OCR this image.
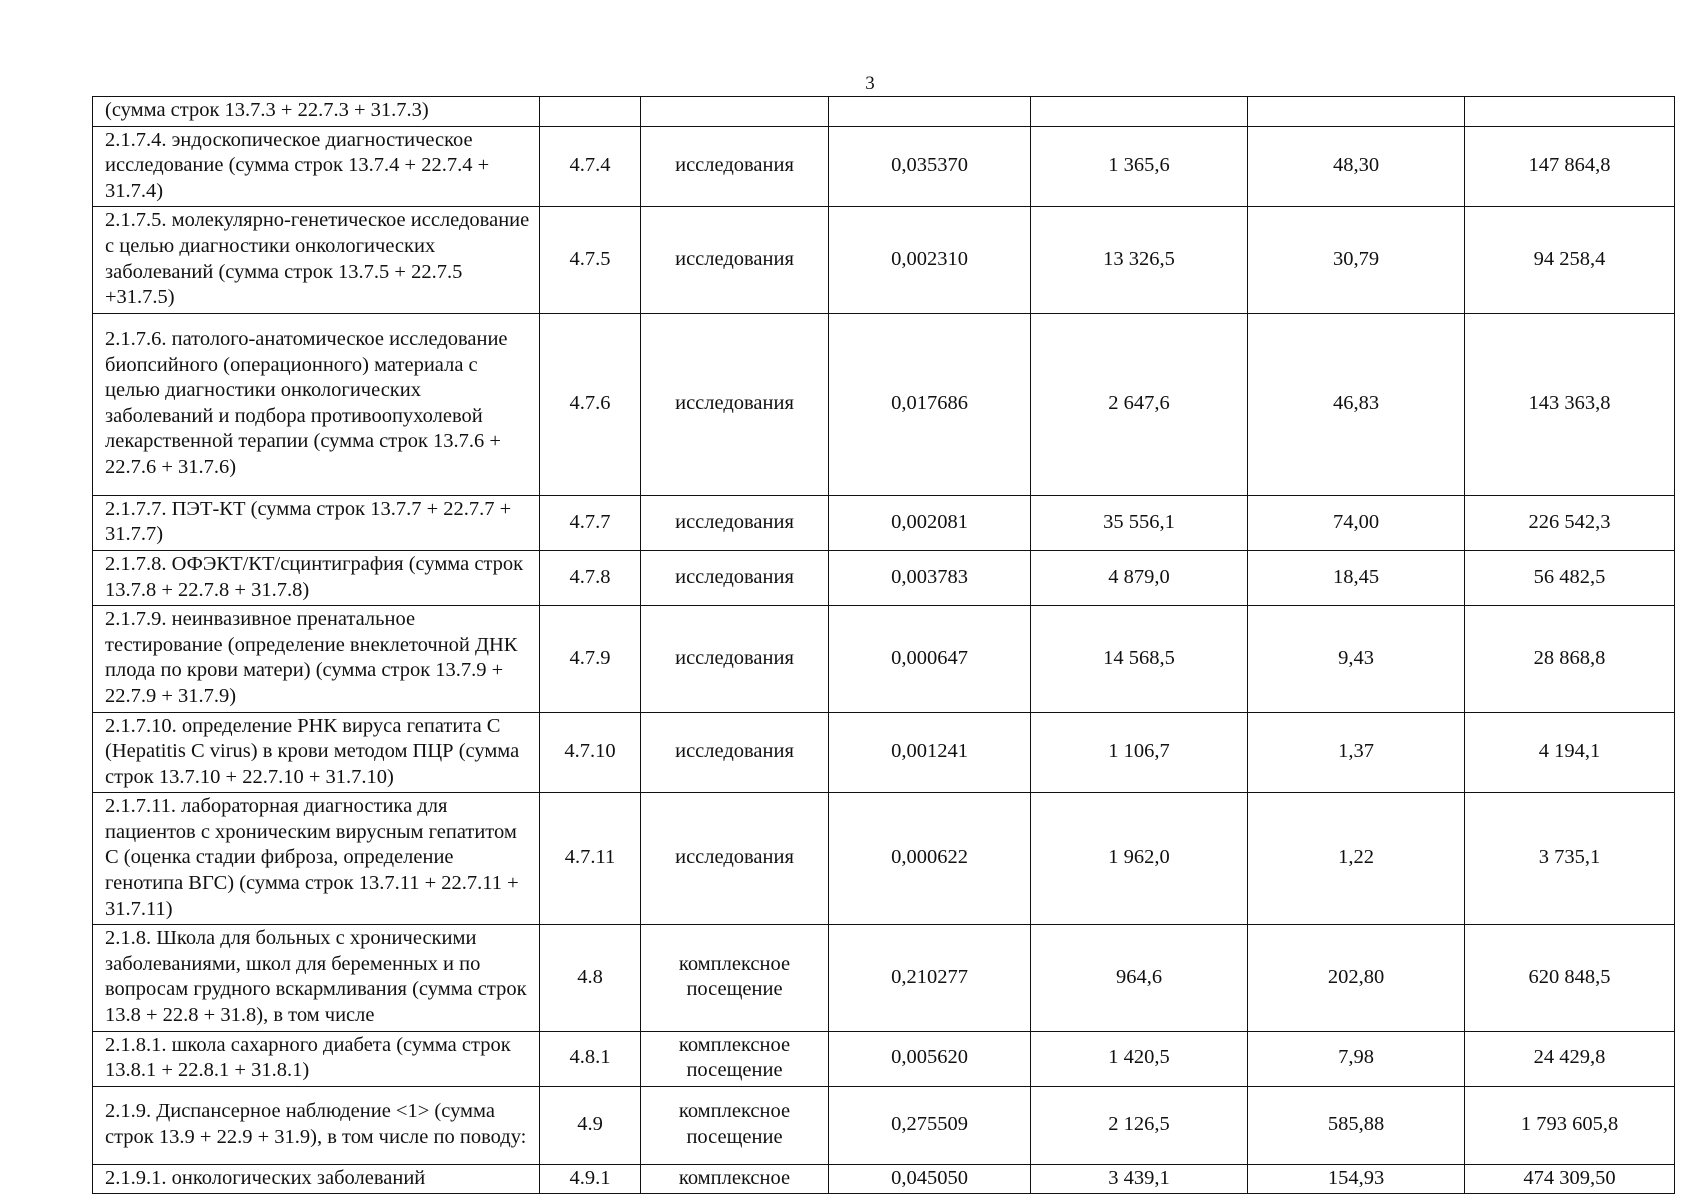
3
(сумма строк 13.7.3 + 22.7.3 + 31.7.3)						
2.1.7.4. эндоскопическое диагностическое исследование (сумма строк 13.7.4 + 22.7.4 + 31.7.4)	4.7.4	исследования	0,035370	1 365,6	48,30	147 864,8
2.1.7.5. молекулярно-генетическое исследование с целью диагностики онкологических заболеваний (сумма строк 13.7.5 + 22.7.5 +31.7.5)	4.7.5	исследования	0,002310	13 326,5	30,79	94 258,4
2.1.7.6. патолого-анатомическое исследование биопсийного (операционного) материала с целью диагностики онкологических заболеваний и подбора противоопухолевой лекарственной терапии (сумма строк 13.7.6 + 22.7.6 + 31.7.6)	4.7.6	исследования	0,017686	2 647,6	46,83	143 363,8
2.1.7.7. ПЭТ-КТ (сумма строк 13.7.7 + 22.7.7 + 31.7.7)	4.7.7	исследования	0,002081	35 556,1	74,00	226 542,3
2.1.7.8. ОФЭКТ/КТ/сцинтиграфия (сумма строк 13.7.8 + 22.7.8 + 31.7.8)	4.7.8	исследования	0,003783	4 879,0	18,45	56 482,5
2.1.7.9. неинвазивное пренатальное тестирование (определение внеклеточной ДНК плода по крови матери) (сумма строк 13.7.9 + 22.7.9 + 31.7.9)	4.7.9	исследования	0,000647	14 568,5	9,43	28 868,8
2.1.7.10. определение РНК вируса гепатита С (Hepatitis C virus) в крови методом ПЦР (сумма строк 13.7.10 + 22.7.10 + 31.7.10)	4.7.10	исследования	0,001241	1 106,7	1,37	4 194,1
2.1.7.11. лабораторная диагностика для пациентов с хроническим вирусным гепатитом С (оценка стадии фиброза, определение генотипа ВГС) (сумма строк 13.7.11 + 22.7.11 + 31.7.11)	4.7.11	исследования	0,000622	1 962,0	1,22	3 735,1
2.1.8. Школа для больных с хроническими заболеваниями, школ для беременных и по вопросам грудного вскармливания (сумма строк 13.8 + 22.8 + 31.8), в том числе	4.8	комплексное посещение	0,210277	964,6	202,80	620 848,5
2.1.8.1. школа сахарного диабета (сумма строк 13.8.1 + 22.8.1 + 31.8.1)	4.8.1	комплексное посещение	0,005620	1 420,5	7,98	24 429,8
2.1.9. Диспансерное наблюдение <1> (сумма строк 13.9 + 22.9 + 31.9), в том числе по поводу:	4.9	комплексное посещение	0,275509	2 126,5	585,88	1 793 605,8
2.1.9.1. онкологических заболеваний	4.9.1	комплексное	0,045050	3 439,1	154,93	474 309,50
